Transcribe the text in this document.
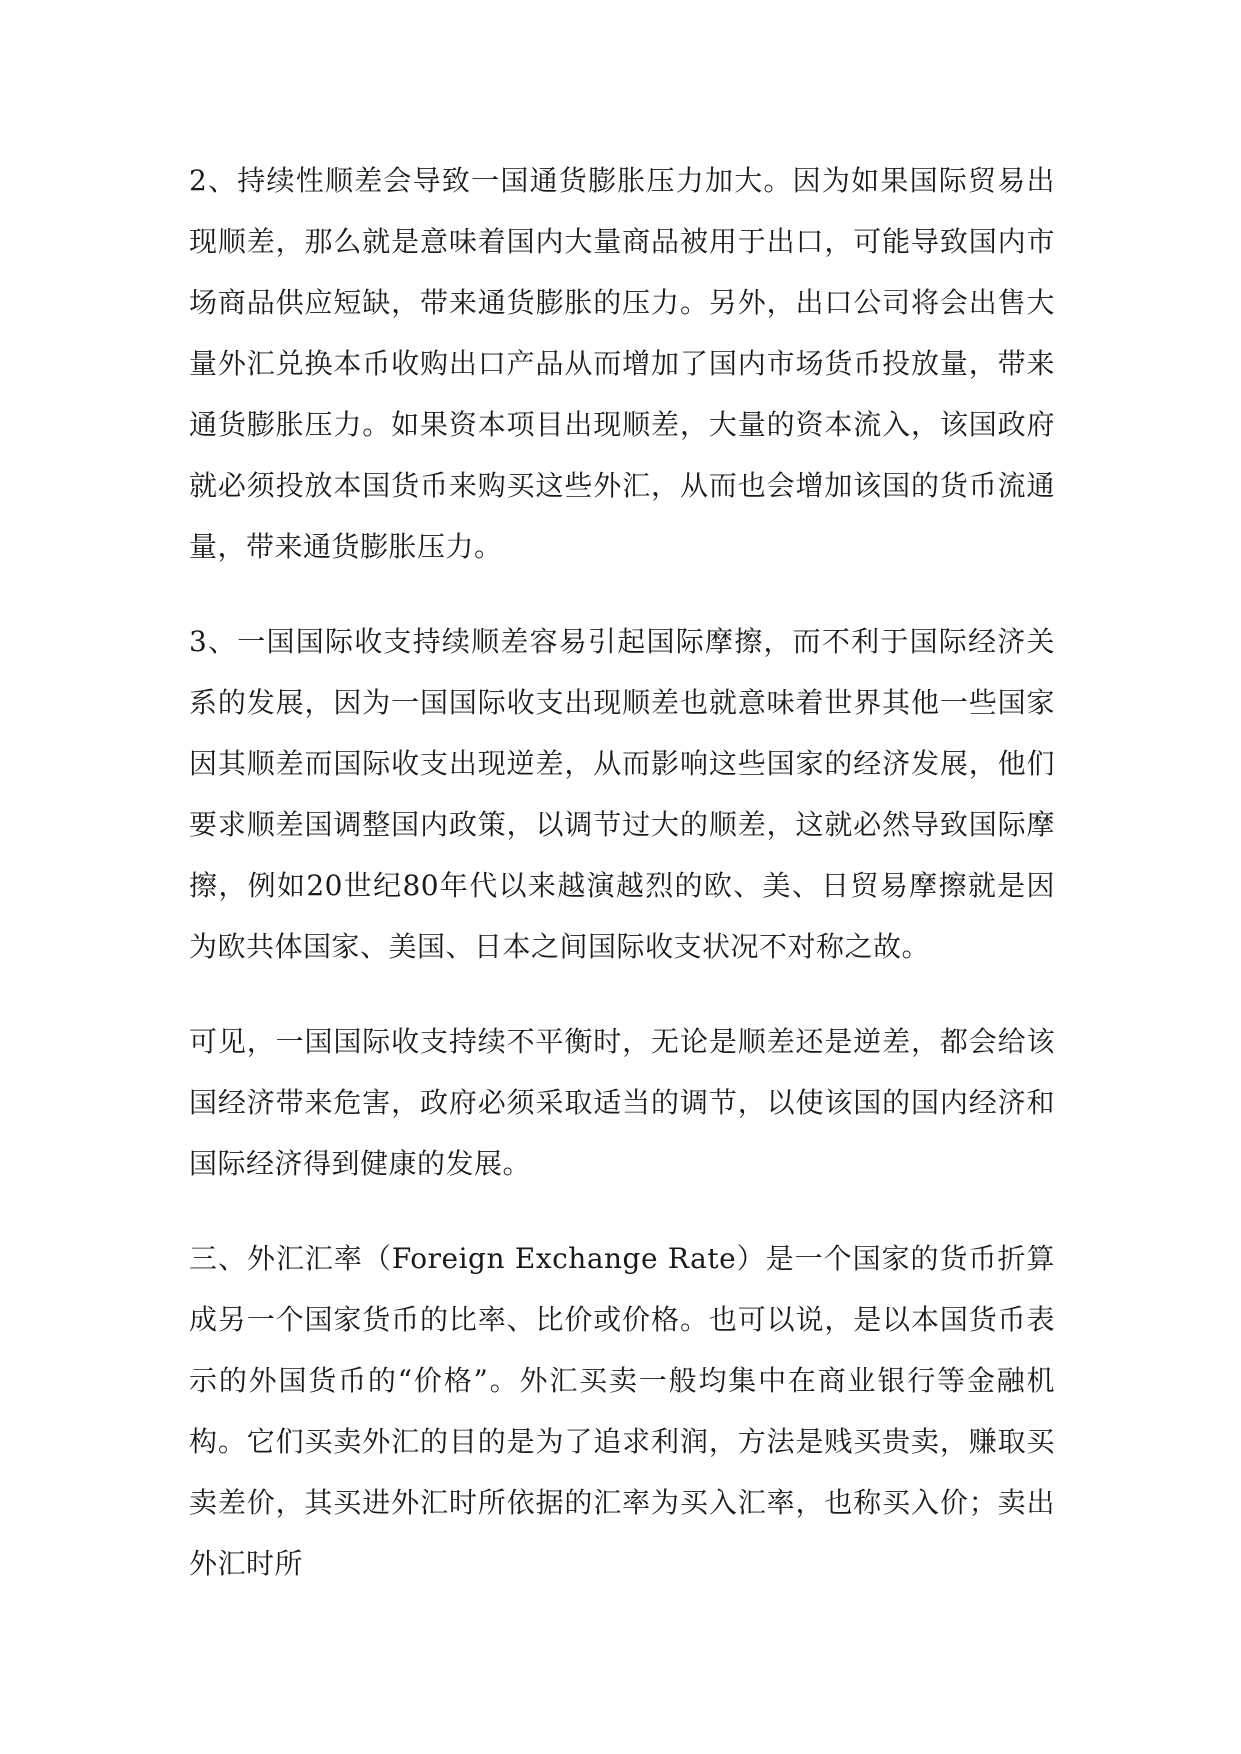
2、持续性顺差会导致一国通货膨胀压力加大。因为如果国际贸易出现顺差，那么就是意味着国内大量商品被用于出口，可能导致国内市场商品供应短缺，带来通货膨胀的压力。另外，出口公司将会出售大量外汇兑换本币收购出口产品从而增加了国内市场货币投放量，带来通货膨胀压力。如果资本项目出现顺差，大量的资本流入，该国政府就必须投放本国货币来购买这些外汇，从而也会增加该国的货币流通量，带来通货膨胀压力。

3、一国国际收支持续顺差容易引起国际摩擦，而不利于国际经济关系的发展，因为一国国际收支出现顺差也就意味着世界其他一些国家因其顺差而国际收支出现逆差，从而影响这些国家的经济发展，他们要求顺差国调整国内政策，以调节过大的顺差，这就必然导致国际摩擦，例如20世纪80年代以来越演越烈的欧、美、日贸易摩擦就是因为欧共体国家、美国、日本之间国际收支状况不对称之故。

可见，一国国际收支持续不平衡时，无论是顺差还是逆差，都会给该国经济带来危害，政府必须采取适当的调节，以使该国的国内经济和国际经济得到健康的发展。

三、外汇汇率（Foreign Exchange Rate）是一个国家的货币折算成另一个国家货币的比率、比价或价格。也可以说，是以本国货币表示的外国货币的“价格”。外汇买卖一般均集中在商业银行等金融机构。它们买卖外汇的目的是为了追求利润，方法是贱买贵卖，赚取买卖差价，其买进外汇时所依据的汇率为买入汇率，也称买入价；卖出外汇时所
